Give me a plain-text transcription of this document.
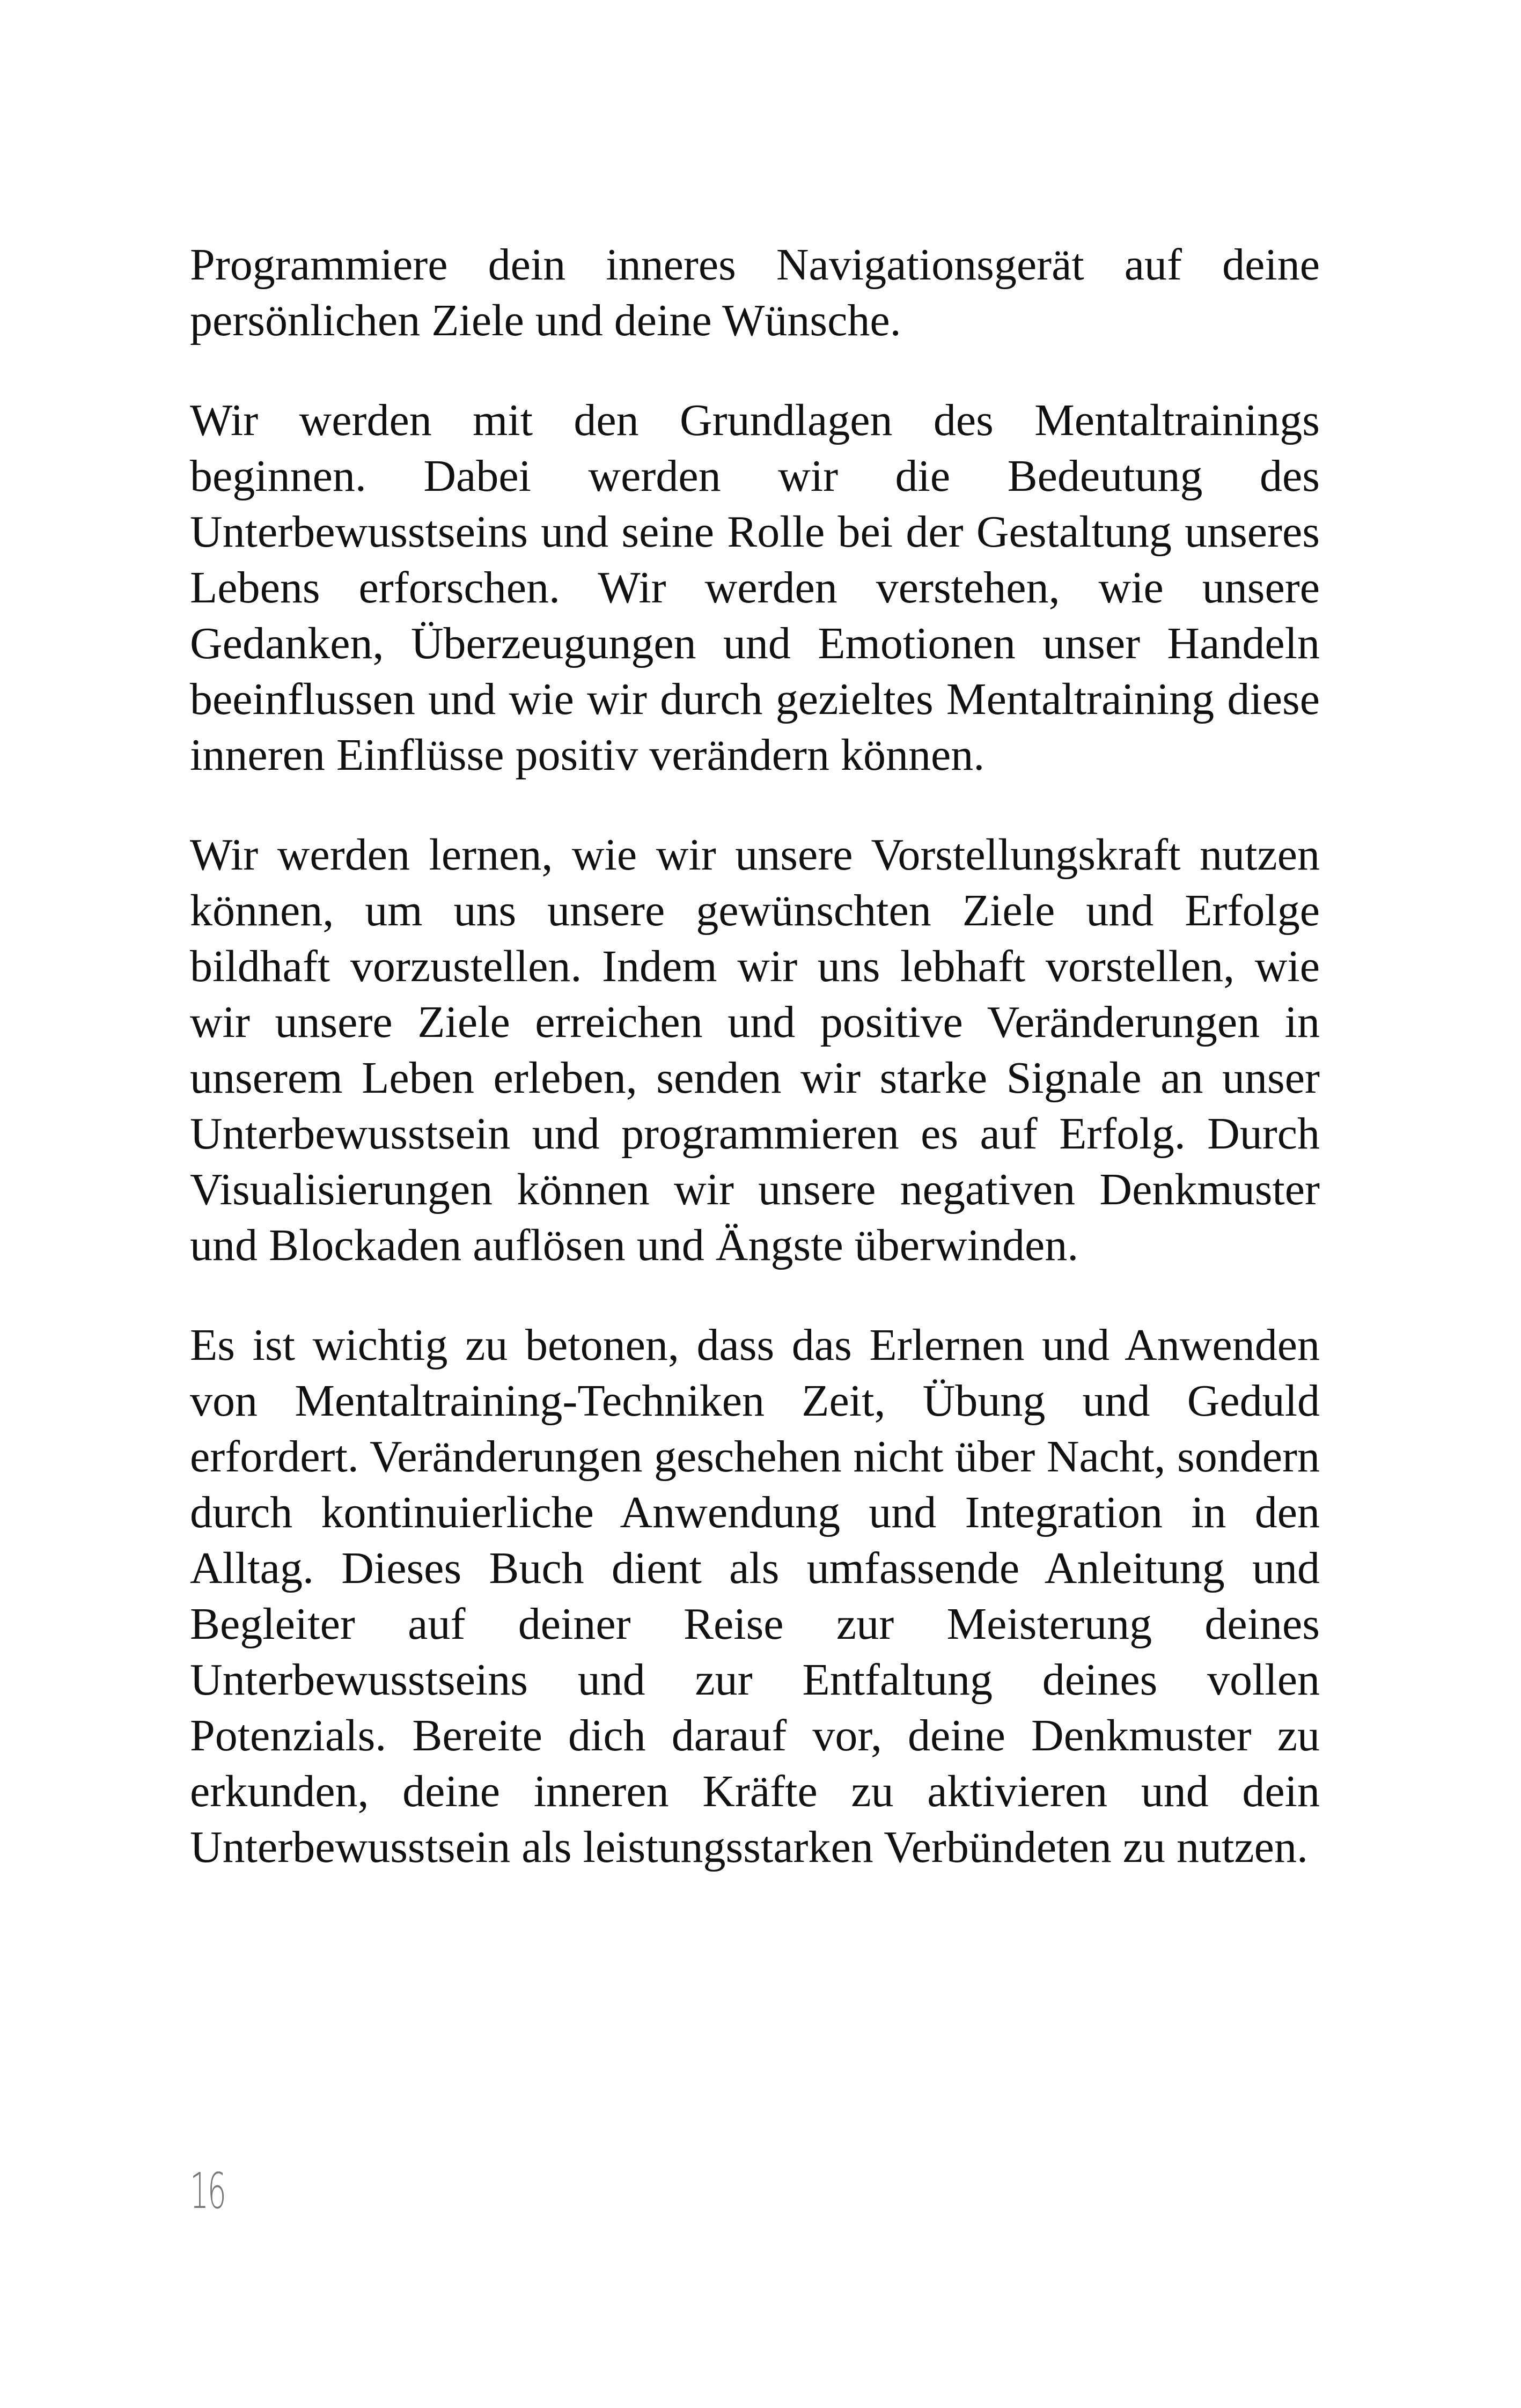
Programmiere dein inneres Navigationsgerät auf deine persönlichen Ziele und deine Wünsche.

Wir werden mit den Grundlagen des Mentaltrainings beginnen. Dabei werden wir die Bedeutung des Unterbewusstseins und seine Rolle bei der Gestaltung unseres Lebens erforschen. Wir werden verstehen, wie unsere Gedanken, Überzeugungen und Emotionen unser Handeln beeinflussen und wie wir durch gezieltes Mentaltraining diese inneren Einflüsse positiv verändern können.

Wir werden lernen, wie wir unsere Vorstellungskraft nutzen können, um uns unsere gewünschten Ziele und Erfolge bildhaft vorzustellen. Indem wir uns lebhaft vorstellen, wie wir unsere Ziele erreichen und positive Veränderungen in unserem Leben erleben, senden wir starke Signale an unser Unterbewusstsein und programmieren es auf Erfolg. Durch Visualisierungen können wir unsere negativen Denkmuster und Blockaden auflösen und Ängste überwinden.

Es ist wichtig zu betonen, dass das Erlernen und Anwenden von Mentaltraining-Techniken Zeit, Übung und Geduld erfordert. Veränderungen geschehen nicht über Nacht, sondern durch kontinuierliche Anwendung und Integration in den Alltag. Dieses Buch dient als umfassende Anleitung und Begleiter auf deiner Reise zur Meisterung deines Unterbewusstseins und zur Entfaltung deines vollen Potenzials. Bereite dich darauf vor, deine Denkmuster zu erkunden, deine inneren Kräfte zu aktivieren und dein Unterbewusstsein als leistungsstarken Verbündeten zu nutzen.

16
